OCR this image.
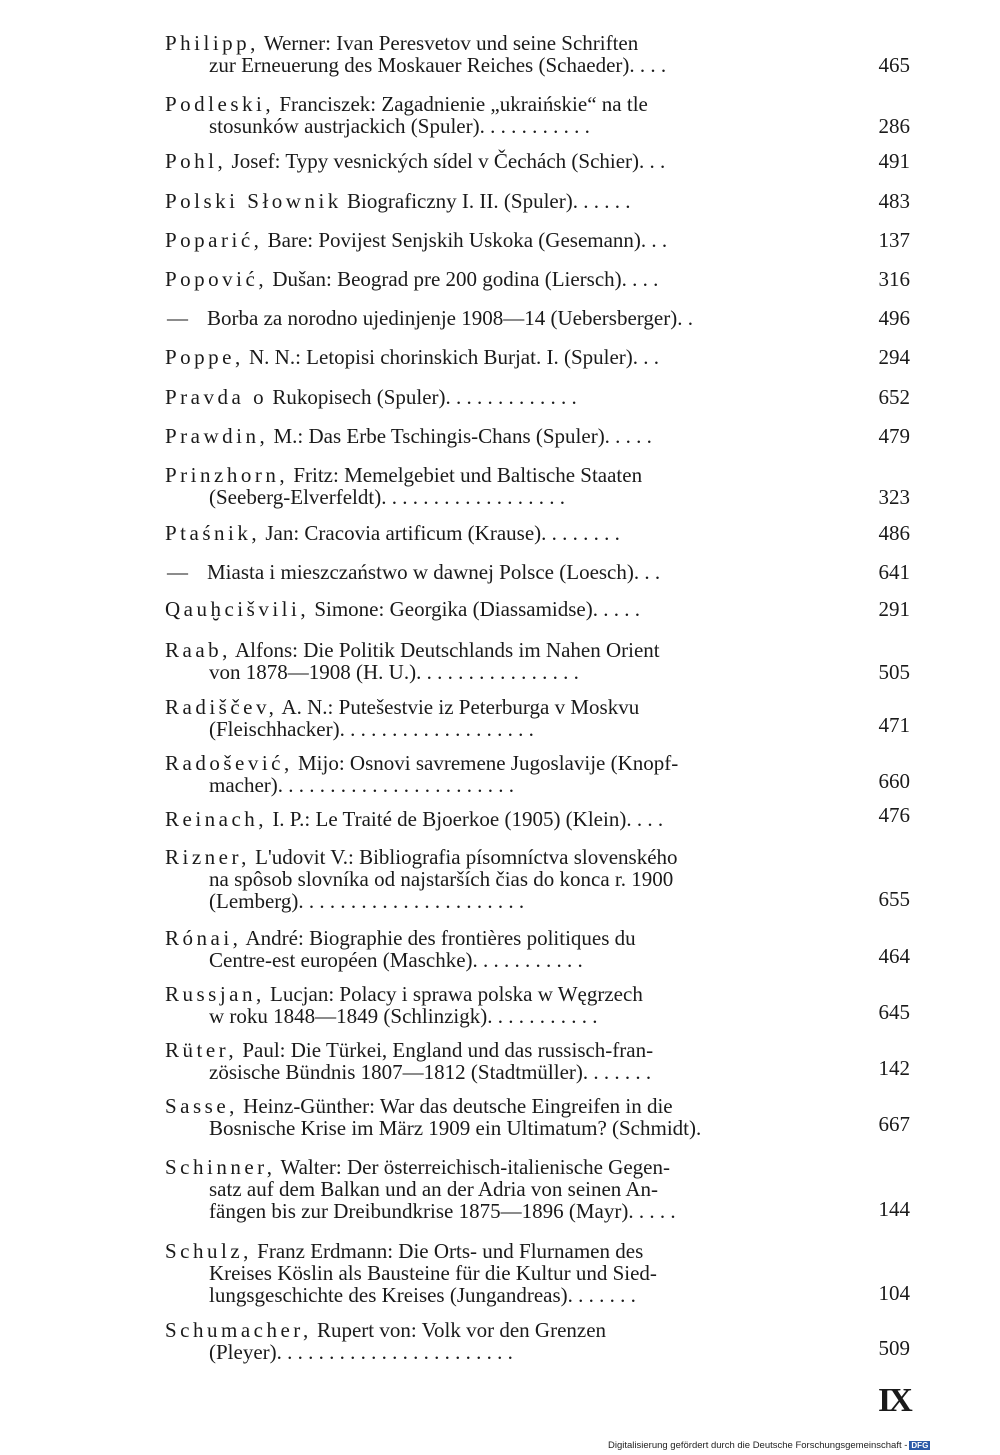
Philipp, Werner: Ivan Peresvetov und seine Schriften
zur Erneuerung des Moskauer Reiches (Schaeder). . . .	465
Podleski, Franciszek: Zagadnienie „ukraińskie“ na tle
stosunków austrjackich (Spuler). . . . . . . . . . .	286
Pohl, Josef: Typy vesnických sídel v Čechách (Schier). . .	491
Polski Słownik Biograficzny I. II. (Spuler). . . . . .	483
Poparić, Bare: Povijest Senjskih Uskoka (Gesemann). . .	137
Popović, Dušan: Beograd pre 200 godina (Liersch). . . .	316
— Borba za norodno ujedinjenje 1908—14 (Uebersberger). .	496
Poppe, N. N.: Letopisi chorinskich Burjat. I. (Spuler). . .	294
Pravda o Rukopisech (Spuler). . . . . . . . . . . . .	652
Prawdin, M.: Das Erbe Tschingis-Chans (Spuler). . . . .	479
Prinzhorn, Fritz: Memelgebiet und Baltische Staaten
(Seeberg-Elverfeldt). . . . . . . . . . . . . . . . . .	323
Ptaśnik, Jan: Cracovia artificum (Krause). . . . . . . .	486
— Miasta i mieszczaństwo w dawnej Polsce (Loesch). . .	641
Qauḫcišvili, Simone: Georgika (Diassamidse). . . . .	291
Raab, Alfons: Die Politik Deutschlands im Nahen Orient
von 1878—1908 (H. U.). . . . . . . . . . . . . . . .	505
Radiščev, A. N.: Putešestvie iz Peterburga v Moskvu
(Fleischhacker). . . . . . . . . . . . . . . . . . .	471
Radošević, Mijo: Osnovi savremene Jugoslavije (Knopf-
macher). . . . . . . . . . . . . . . . . . . . . . .	660
Reinach, I. P.: Le Traité de Bjoerkoe (1905) (Klein). . . .	476
Rizner, L'udovit V.: Bibliografia písomníctva slovenského
na spôsob slovníka od najstarších čias do konca r. 1900
(Lemberg). . . . . . . . . . . . . . . . . . . . . .	655
Rónai, André: Biographie des frontières politiques du
Centre-est européen (Maschke). . . . . . . . . . .	464
Russjan, Lucjan: Polacy i sprawa polska w Węgrzech
w roku 1848—1849 (Schlinzigk). . . . . . . . . . .	645
Rüter, Paul: Die Türkei, England und das russisch-fran-
zösische Bündnis 1807—1812 (Stadtmüller). . . . . . .	142
Sasse, Heinz-Günther: War das deutsche Eingreifen in die
Bosnische Krise im März 1909 ein Ultimatum? (Schmidt).	667
Schinner, Walter: Der österreichisch-italienische Gegen-
satz auf dem Balkan und an der Adria von seinen An-
fängen bis zur Dreibundkrise 1875—1896 (Mayr). . . . .	144
Schulz, Franz Erdmann: Die Orts- und Flurnamen des
Kreises Köslin als Bausteine für die Kultur und Sied-
lungsgeschichte des Kreises (Jungandreas). . . . . . .	104
Schumacher, Rupert von: Volk vor den Grenzen
(Pleyer). . . . . . . . . . . . . . . . . . . . . . .	509
IX
Digitalisierung gefördert durch die Deutsche Forschungsgemeinschaft - DFG
